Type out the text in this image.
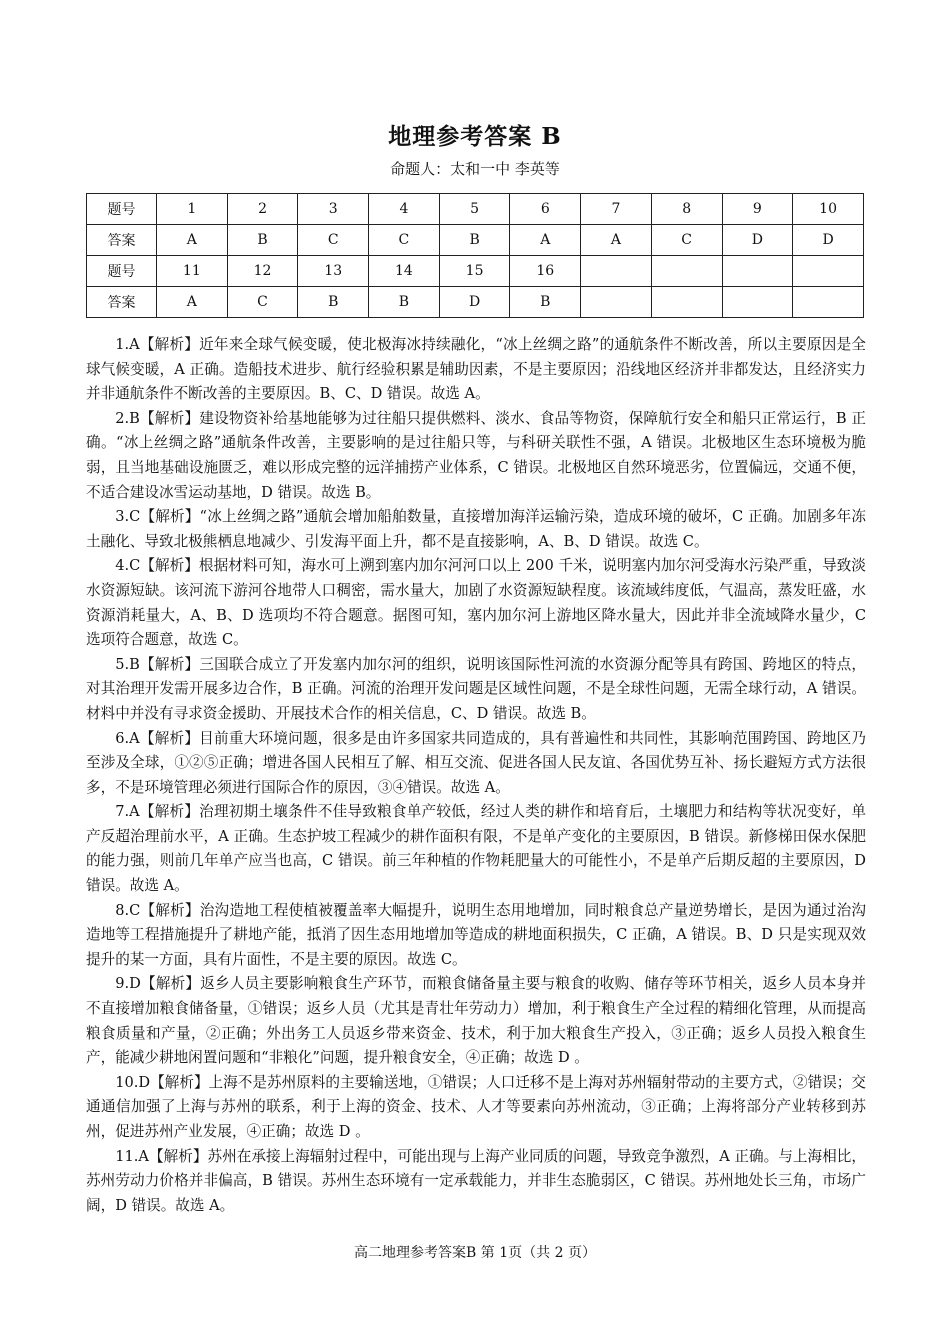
地理参考答案 B
命题人：太和一中 李英等
题号	1	2	3	4	5	6	7	8	9	10
答案	A	B	C	C	B	A	A	C	D	D
题号	11	12	13	14	15	16				
答案	A	C	B	B	D	B				

1.A【解析】近年来全球气候变暖，使北极海冰持续融化，“冰上丝绸之路”的通航条件不断改善，所以主要原因是全球气候变暖，A 正确。造船技术进步、航行经验积累是辅助因素，不是主要原因；沿线地区经济并非都发达，且经济实力并非通航条件不断改善的主要原因。B、C、D 错误。故选 A。

2.B【解析】建设物资补给基地能够为过往船只提供燃料、淡水、食品等物资，保障航行安全和船只正常运行，B 正确。“冰上丝绸之路”通航条件改善，主要影响的是过往船只等，与科研关联性不强，A 错误。北极地区生态环境极为脆弱，且当地基础设施匮乏，难以形成完整的远洋捕捞产业体系，C 错误。北极地区自然环境恶劣，位置偏远，交通不便，不适合建设冰雪运动基地，D 错误。故选 B。

3.C【解析】“冰上丝绸之路”通航会增加船舶数量，直接增加海洋运输污染，造成环境的破坏，C 正确。加剧多年冻土融化、导致北极熊栖息地减少、引发海平面上升，都不是直接影响，A、B、D 错误。故选 C。

4.C【解析】根据材料可知，海水可上溯到塞内加尔河河口以上 200 千米，说明塞内加尔河受海水污染严重，导致淡水资源短缺。该河流下游河谷地带人口稠密，需水量大，加剧了水资源短缺程度。该流域纬度低，气温高，蒸发旺盛，水资源消耗量大，A、B、D 选项均不符合题意。据图可知，塞内加尔河上游地区降水量大，因此并非全流域降水量少，C 选项符合题意，故选 C。

5.B【解析】三国联合成立了开发塞内加尔河的组织，说明该国际性河流的水资源分配等具有跨国、跨地区的特点，对其治理开发需开展多边合作，B 正确。河流的治理开发问题是区域性问题，不是全球性问题，无需全球行动，A 错误。材料中并没有寻求资金援助、开展技术合作的相关信息，C、D 错误。故选 B。

6.A【解析】目前重大环境问题，很多是由许多国家共同造成的，具有普遍性和共同性，其影响范围跨国、跨地区乃至涉及全球，①②⑤正确；增进各国人民相互了解、相互交流、促进各国人民友谊、各国优势互补、扬长避短方式方法很多，不是环境管理必须进行国际合作的原因，③④错误。故选 A。

7.A【解析】治理初期土壤条件不佳导致粮食单产较低，经过人类的耕作和培育后，土壤肥力和结构等状况变好，单产反超治理前水平，A 正确。生态护坡工程减少的耕作面积有限，不是单产变化的主要原因，B 错误。新修梯田保水保肥的能力强，则前几年单产应当也高，C 错误。前三年种植的作物耗肥量大的可能性小，不是单产后期反超的主要原因，D 错误。故选 A。

8.C【解析】治沟造地工程使植被覆盖率大幅提升，说明生态用地增加，同时粮食总产量逆势增长，是因为通过治沟造地等工程措施提升了耕地产能，抵消了因生态用地增加等造成的耕地面积损失，C 正确，A 错误。B、D 只是实现双效提升的某一方面，具有片面性，不是主要的原因。故选 C。

9.D【解析】返乡人员主要影响粮食生产环节，而粮食储备量主要与粮食的收购、储存等环节相关，返乡人员本身并不直接增加粮食储备量，①错误；返乡人员（尤其是青壮年劳动力）增加，利于粮食生产全过程的精细化管理，从而提高粮食质量和产量，②正确；外出务工人员返乡带来资金、技术，利于加大粮食生产投入，③正确；返乡人员投入粮食生产，能减少耕地闲置问题和“非粮化”问题，提升粮食安全，④正确；故选 D 。

10.D【解析】上海不是苏州原料的主要输送地，①错误；人口迁移不是上海对苏州辐射带动的主要方式，②错误；交通通信加强了上海与苏州的联系，利于上海的资金、技术、人才等要素向苏州流动，③正确；上海将部分产业转移到苏州，促进苏州产业发展，④正确；故选 D 。

11.A【解析】苏州在承接上海辐射过程中，可能出现与上海产业同质的问题，导致竞争激烈，A 正确。与上海相比，苏州劳动力价格并非偏高，B 错误。苏州生态环境有一定承载能力，并非生态脆弱区，C 错误。苏州地处长三角，市场广阔，D 错误。故选 A。

高二地理参考答案B 第 1页（共 2 页）
